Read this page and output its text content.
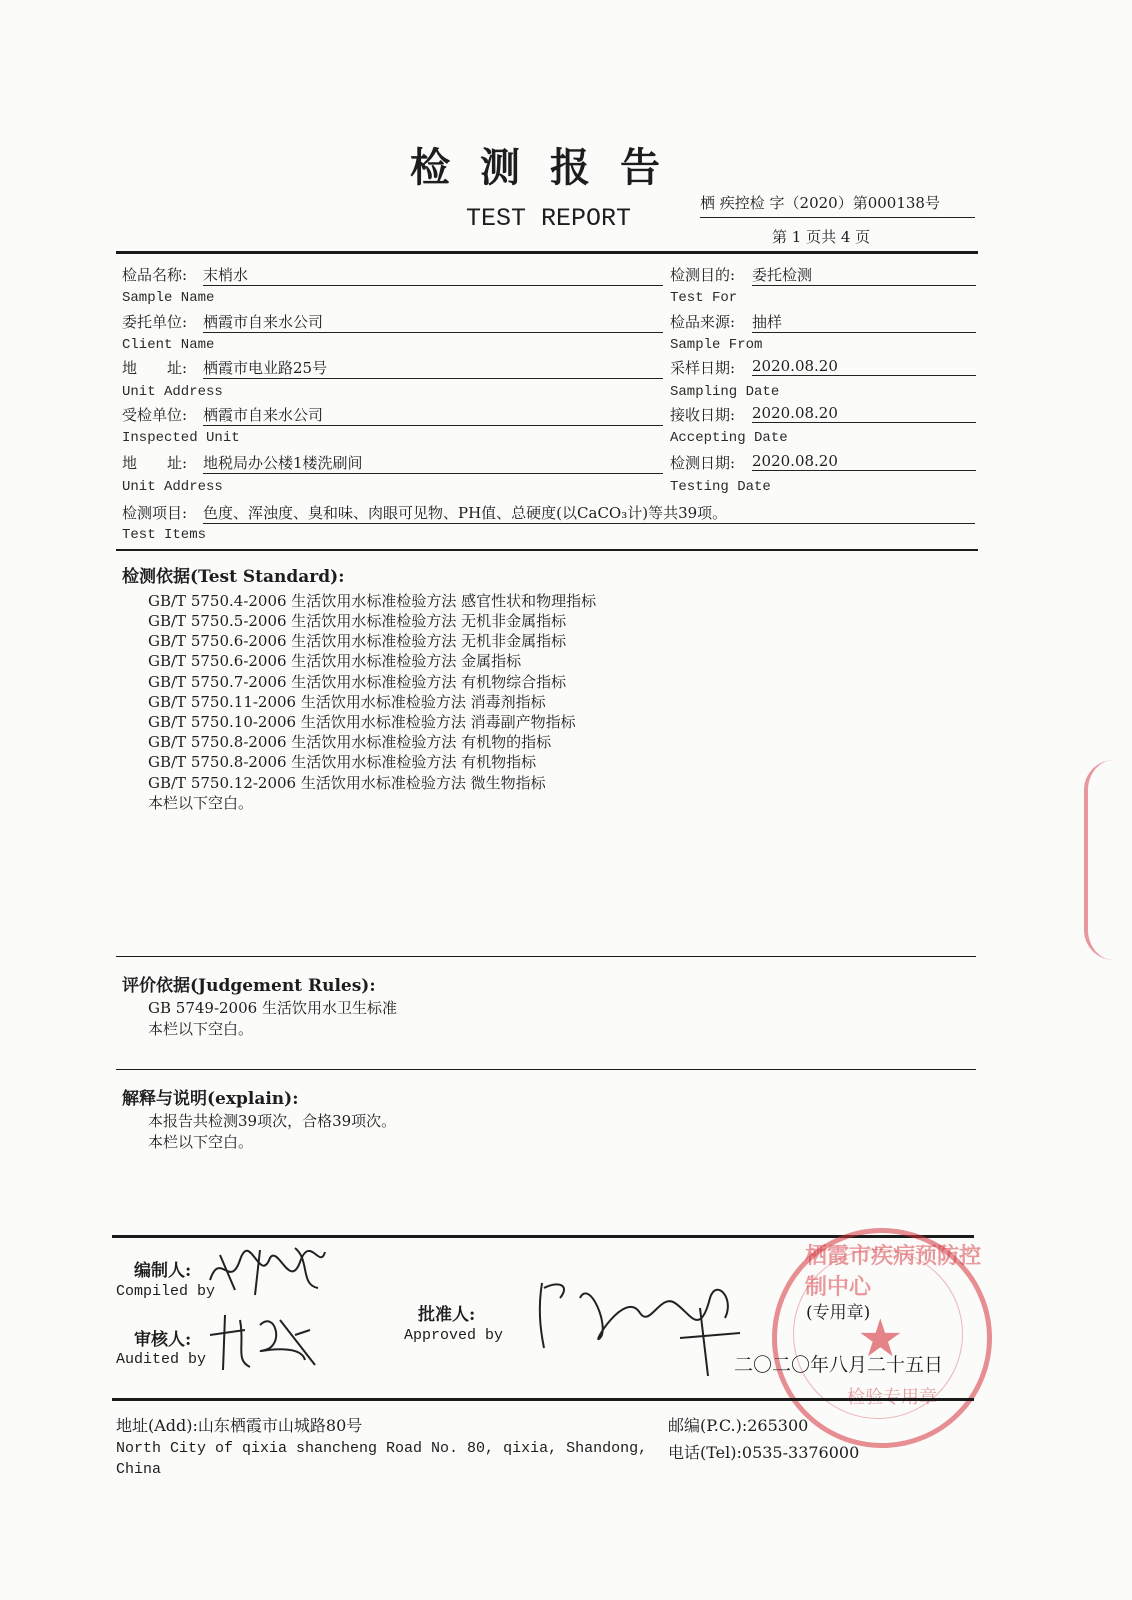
检测报告
TEST REPORT
栖 疾控检 字（2020）第000138号
第 1 页共 4 页
检品名称: 末梢水
Sample Name
委托单位: 栖霞市自来水公司
Client Name
地　　址: 栖霞市电业路25号
Unit Address
受检单位: 栖霞市自来水公司
Inspected Unit
地　　址: 地税局办公楼1楼洗刷间
Unit Address
检测目的: 委托检测
Test For
检品来源: 抽样
Sample From
采样日期: 2020.08.20
Sampling Date
接收日期: 2020.08.20
Accepting Date
检测日期: 2020.08.20
Testing Date
检测项目: 色度、浑浊度、臭和味、肉眼可见物、PH值、总硬度(以CaCO₃计)等共39项。
Test Items
检测依据(Test Standard):
GB/T 5750.4-2006 生活饮用水标准检验方法 感官性状和物理指标
GB/T 5750.5-2006 生活饮用水标准检验方法 无机非金属指标
GB/T 5750.6-2006 生活饮用水标准检验方法 无机非金属指标
GB/T 5750.6-2006 生活饮用水标准检验方法 金属指标
GB/T 5750.7-2006 生活饮用水标准检验方法 有机物综合指标
GB/T 5750.11-2006 生活饮用水标准检验方法 消毒剂指标
GB/T 5750.10-2006 生活饮用水标准检验方法 消毒副产物指标
GB/T 5750.8-2006 生活饮用水标准检验方法 有机物的指标
GB/T 5750.8-2006 生活饮用水标准检验方法 有机物指标
GB/T 5750.12-2006 生活饮用水标准检验方法 微生物指标
本栏以下空白。
评价依据(Judgement Rules):
GB 5749-2006 生活饮用水卫生标准
本栏以下空白。
解释与说明(explain):
本报告共检测39项次，合格39项次。
本栏以下空白。
编制人:
Compiled by
审核人:
Audited by
批准人:
Approved by
栖霞市疾病预防控制中心
★
(专用章)
二〇二〇年八月二十五日
地址(Add):山东栖霞市山城路80号
North City of qixia shancheng Road No. 80, qixia, Shandong,
China
邮编(P.C.):265300
电话(Tel):0535-3376000
